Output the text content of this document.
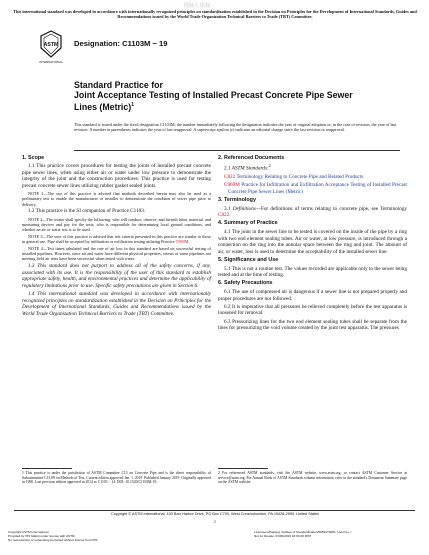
授权人 版权
This international standard was developed in accordance with internationally recognized principles on standardization established in the Decision on Principles for the Development of International Standards, Guides and Recommendations issued by the World Trade Organization Technical Barriers to Trade (TBT) Committee.
ASTM
INTERNATIONAL
Designation: C1103M − 19
Standard Practice for
Joint Acceptance Testing of Installed Precast Concrete Pipe Sewer Lines (Metric)$^1$
This standard is issued under the fixed designation C1103M; the number immediately following the designation indicates the year of original adoption or, in the case of revision, the year of last revision. A number in parentheses indicates the year of last reapproval. A superscript epsilon (ε) indicates an editorial change since the last revision or reapproval.
1. Scope

1.1 This practice covers procedures for testing the joints of installed precast concrete pipe sewer lines, when using either air or water under low pressure to demonstrate the integrity of the joint and the construction procedures. This practice is used for testing precast concrete sewer lines utilizing rubber gasket sealed joints.

NOTE 1—The use of this practice is advised that methods described herein may also be used as a preliminary test to enable the manufacturer or installer to demonstrate the condition of sewer pipe prior to delivery.

1.2 This practice is the SI companion of Practice C1103.

NOTE 2—The owner shall specify the following: who will conduct, observe, and furnish labor, material, and measuring devices and pay for the tests; who is responsible for determining local ground conditions, and whether an air or water test is to be used.

NOTE 3—The user of this practice is advised that test criteria presented in this practice are similar to those in general use. Pipe shall be accepted by infiltration or exfiltration testing utilizing Practice C969M.

NOTE 4—Test times tabulated and the rate of air loss in this standard are based on successful testing of installed pipelines. However, since air and water have different physical properties, retests of some pipelines not meeting field air tests have been successful when tested with water.

1.3 This standard does not purport to address all of the safety concerns, if any, associated with its use. It is the responsibility of the user of this standard to establish appropriate safety, health, and environmental practices and determine the applicability of regulatory limitations prior to use. Specific safety precautions are given in Section 6.

1.4 This international standard was developed in accordance with internationally recognized principles on standardization established in the Decision on Principles for the Development of International Standards, Guides and Recommendations issued by the World Trade Organization Technical Barriers to Trade (TBT) Committee.

2. Referenced Documents

2.1 ASTM Standards:$^2$

C822 Terminology Relating to Concrete Pipe and Related Products

C969M Practice for Infiltration and Exfiltration Acceptance Testing of Installed Precast Concrete Pipe Sewer Lines (Metric)

3. Terminology

3.1 Definitions—For definitions of terms relating to concrete pipe, see Terminology C822.

4. Summary of Practice

4.1 The joint in the sewer line to be tested is covered on the inside of the pipe by a ring with two end element sealing tubes. Air or water, at low pressure, is introduced through a connection on the ring into the annular space between the ring and joint. The amount of air, or water, loss is used to determine the acceptability of the installed sewer line.

5. Significance and Use

5.1 This is not a routine test. The values recorded are applicable only to the sewer being tested and at the time of testing.

6. Safety Precautions

6.1 The use of compressed air is dangerous if a sewer line is not prepared properly and proper procedures are not followed.

6.2 It is imperative that all pressures be relieved completely before the test apparatus is loosened for removal.

6.3 Pressurizing lines for the two end element sealing tubes shall be separate from the lines for pressurizing the void volume created by the joint test apparatus. The pressures

1 This practice is under the jurisdiction of ASTM Committee C13 on Concrete Pipe and is the direct responsibility of Subcommittee C13.09 on Methods of Test. Current edition approved Jan. 1, 2019. Published January 2019. Originally approved in 1990. Last previous edition approved in 2014 as C1103 − 14. DOI: 10.1520/C1103M-19.
2 For referenced ASTM standards, visit the ASTM website, www.astm.org, or contact ASTM Customer Service at service@astm.org. For Annual Book of ASTM Standards volume information, refer to the standard's Document Summary page on the ASTM website.
Copyright © ASTM International, 100 Barr Harbor Drive, PO Box C700, West Conshohocken, PA 19428-2959. United States
1
Copyright ASTM International
Provided by IHS Markit under license with ASTM
No reproduction or networking permitted without license from IHS
Licensee=Zhejiang Institute of Standardization/5959170001, User=xx, r
Not for Resale, 01/30/2019 18:03:26 MST
